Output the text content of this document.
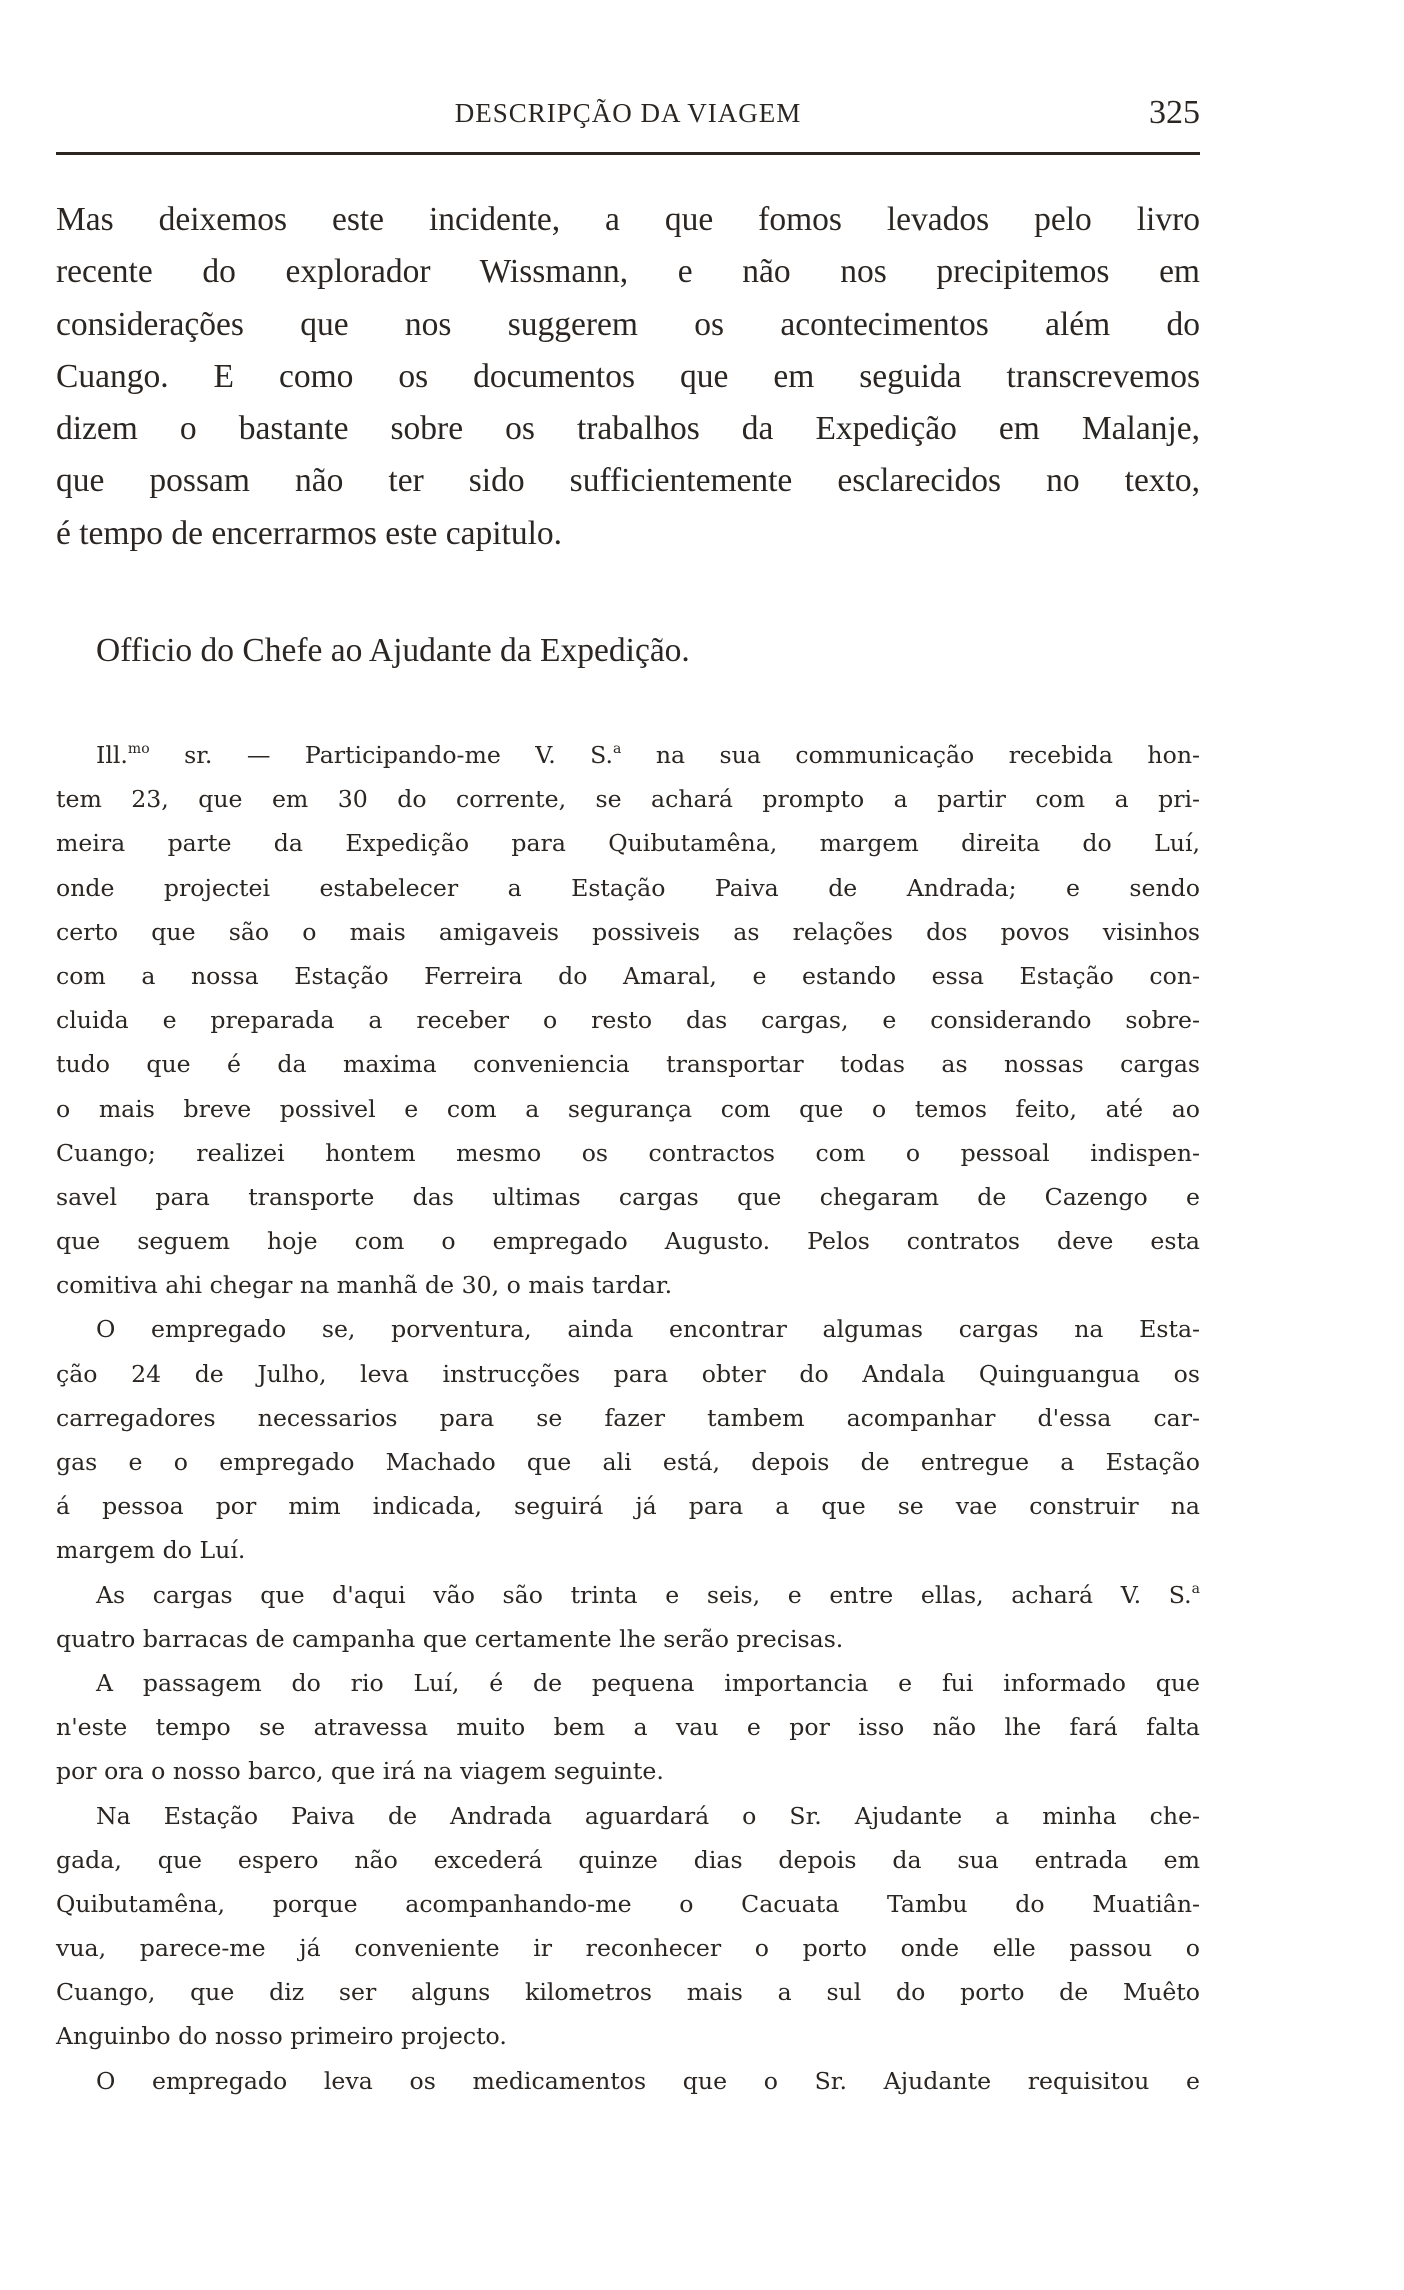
DESCRIPÇÃO DA VIAGEM	325
Mas deixemos este incidente, a que fomos levados pelo livro
recente do explorador Wissmann, e não nos precipitemos em
considerações que nos suggerem os acontecimentos além do
Cuango. E como os documentos que em seguida transcrevemos
dizem o bastante sobre os trabalhos da Expedição em Malanje,
que possam não ter sido sufficientemente esclarecidos no texto,
é tempo de encerrarmos este capitulo.
Officio do Chefe ao Ajudante da Expedição.
Ill.$^{mo}$ sr. — Participando-me V. S.$^a$ na sua communicação recebida hon-
tem 23, que em 30 do corrente, se achará prompto a partir com a pri-
meira parte da Expedição para Quibutamêna, margem direita do Luí,
onde projectei estabelecer a Estação Paiva de Andrada; e sendo
certo que são o mais amigaveis possiveis as relações dos povos visinhos
com a nossa Estação Ferreira do Amaral, e estando essa Estação con-
cluida e preparada a receber o resto das cargas, e considerando sobre-
tudo que é da maxima conveniencia transportar todas as nossas cargas
o mais breve possivel e com a segurança com que o temos feito, até ao
Cuango; realizei hontem mesmo os contractos com o pessoal indispen-
savel para transporte das ultimas cargas que chegaram de Cazengo e
que seguem hoje com o empregado Augusto. Pelos contratos deve esta
comitiva ahi chegar na manhã de 30, o mais tardar.
O empregado se, porventura, ainda encontrar algumas cargas na Esta-
ção 24 de Julho, leva instrucções para obter do Andala Quinguangua os
carregadores necessarios para se fazer tambem acompanhar d'essa car-
gas e o empregado Machado que ali está, depois de entregue a Estação
á pessoa por mim indicada, seguirá já para a que se vae construir na
margem do Luí.
As cargas que d'aqui vão são trinta e seis, e entre ellas, achará V. S.$^a$
quatro barracas de campanha que certamente lhe serão precisas.
A passagem do rio Luí, é de pequena importancia e fui informado que
n'este tempo se atravessa muito bem a vau e por isso não lhe fará falta
por ora o nosso barco, que irá na viagem seguinte.
Na Estação Paiva de Andrada aguardará o Sr. Ajudante a minha che-
gada, que espero não excederá quinze dias depois da sua entrada em
Quibutamêna, porque acompanhando-me o Cacuata Tambu do Muatiân-
vua, parece-me já conveniente ir reconhecer o porto onde elle passou o
Cuango, que diz ser alguns kilometros mais a sul do porto de Muêto
Anguinbo do nosso primeiro projecto.
O empregado leva os medicamentos que o Sr. Ajudante requisitou e
